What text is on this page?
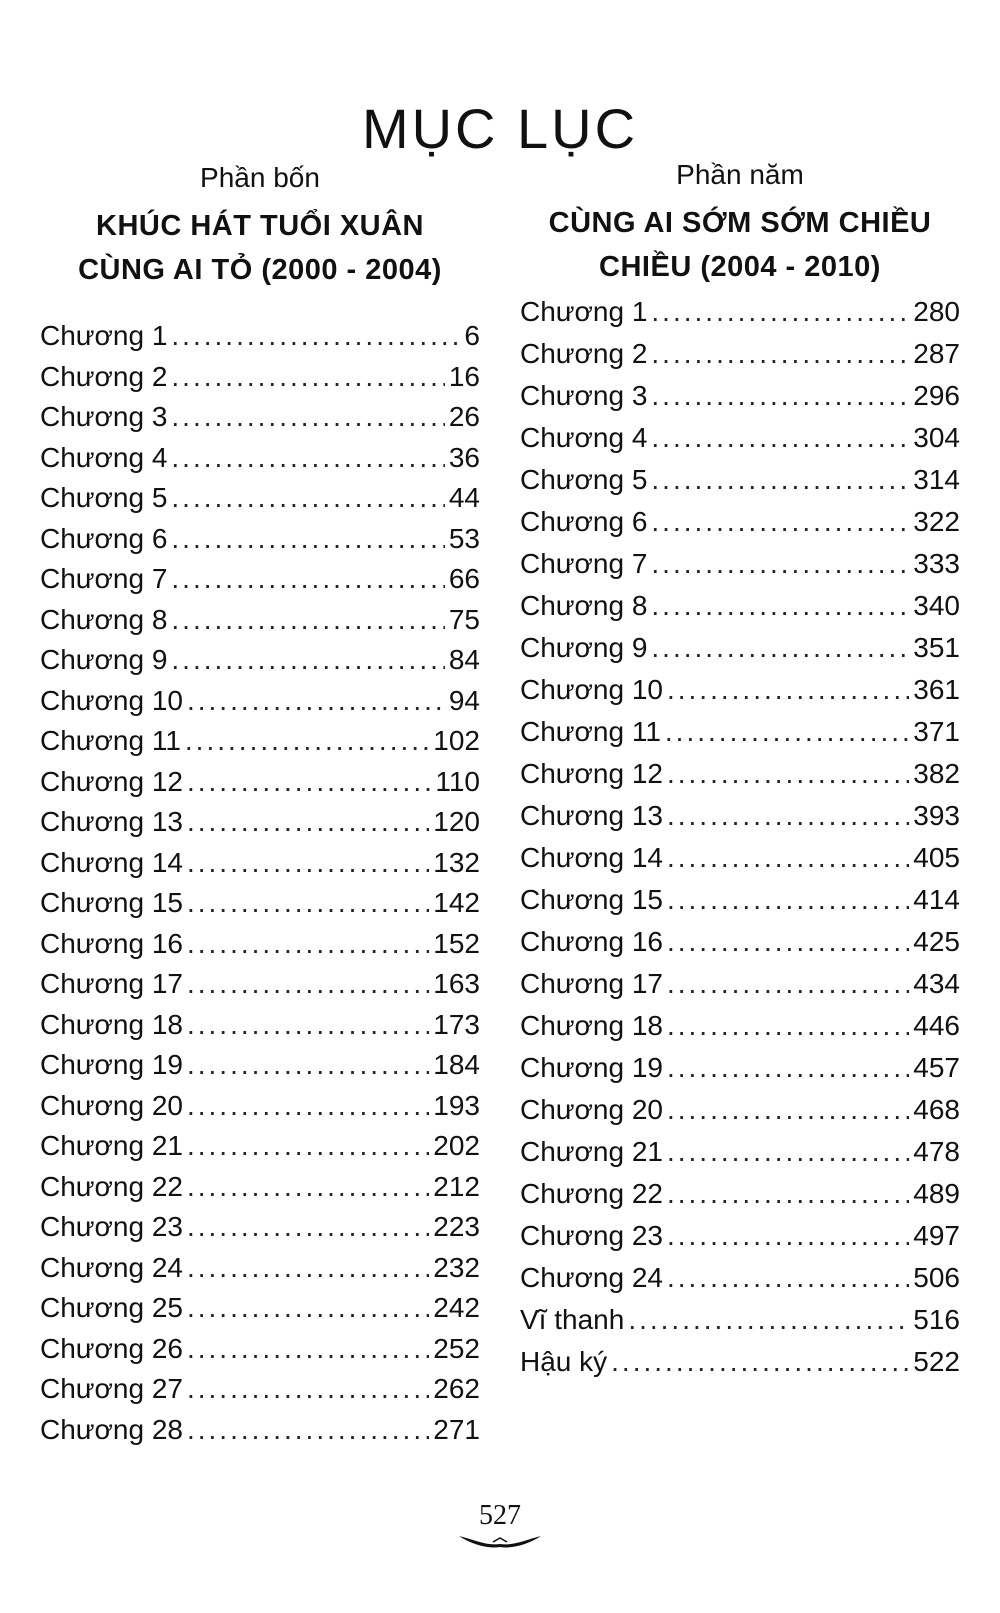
MỤC LỤC

Phần bốn

KHÚC HÁT TUỔI XUÂN
CÙNG AI TỎ (2000 - 2004)
Chương 1 .....	6
Chương 2 .....	16
Chương 3 .....	26
Chương 4 .....	36
Chương 5 .....	44
Chương 6 .....	53
Chương 7 .....	66
Chương 8 .....	75
Chương 9 .....	84
Chương 10 .....	94
Chương 11 .....	102
Chương 12 .....	110
Chương 13 .....	120
Chương 14 .....	132
Chương 15 .....	142
Chương 16 .....	152
Chương 17 .....	163
Chương 18 .....	173
Chương 19 .....	184
Chương 20 .....	193
Chương 21 .....	202
Chương 22 .....	212
Chương 23 .....	223
Chương 24 .....	232
Chương 25 .....	242
Chương 26 .....	252
Chương 27 .....	262
Chương 28 .....	271

Phần năm

CÙNG AI SỚM SỚM CHIỀU
CHIỀU (2004 - 2010)
Chương 1 .....	280
Chương 2 .....	287
Chương 3 .....	296
Chương 4 .....	304
Chương 5 .....	314
Chương 6 .....	322
Chương 7 .....	333
Chương 8 .....	340
Chương 9 .....	351
Chương 10 .....	361
Chương 11 .....	371
Chương 12 .....	382
Chương 13 .....	393
Chương 14 .....	405
Chương 15 .....	414
Chương 16 .....	425
Chương 17 .....	434
Chương 18 .....	446
Chương 19 .....	457
Chương 20 .....	468
Chương 21 .....	478
Chương 22 .....	489
Chương 23 .....	497
Chương 24 .....	506
Vĩ thanh .....	516
Hậu ký .....	522
527
